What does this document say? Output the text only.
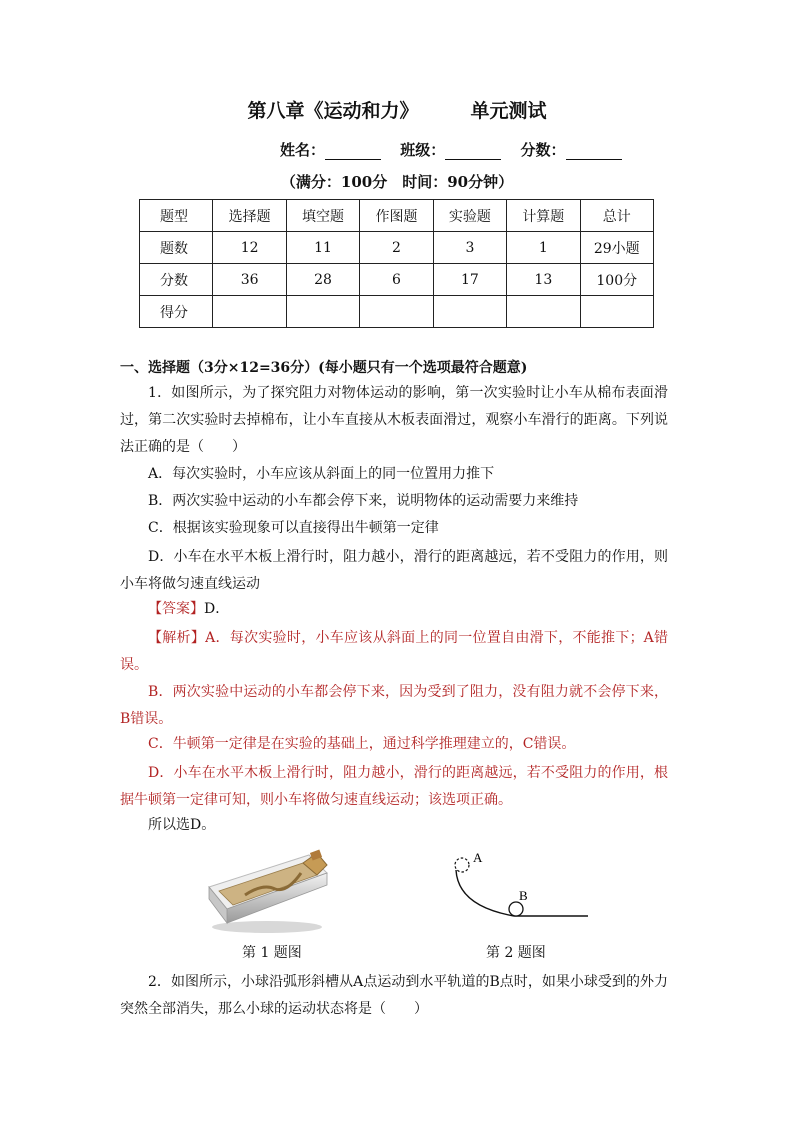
第八章《运动和力》	单元测试
姓名：	班级：	分数：
（满分：100分　时间：90分钟）
题型	选择题	填空题	作图题	实验题	计算题	总计
题数	12	11	2	3	1	29小题
分数	36	28	6	17	13	100分
得分						
一、选择题（3分×12=36分）(每小题只有一个选项最符合题意)
1．如图所示，为了探究阻力对物体运动的影响，第一次实验时让小车从棉布表面滑过，第二次实验时去掉棉布，让小车直接从木板表面滑过，观察小车滑行的距离。下列说法正确的是（　　）
A．每次实验时，小车应该从斜面上的同一位置用力推下
B．两次实验中运动的小车都会停下来，说明物体的运动需要力来维持
C．根据该实验现象可以直接得出牛顿第一定律
D．小车在水平木板上滑行时，阻力越小，滑行的距离越远，若不受阻力的作用，则小车将做匀速直线运动
【答案】D．
【解析】A．每次实验时，小车应该从斜面上的同一位置自由滑下，不能推下；A错误。
B．两次实验中运动的小车都会停下来，因为受到了阻力，没有阻力就不会停下来，B错误。
C．牛顿第一定律是在实验的基础上，通过科学推理建立的，C错误。
D．小车在水平木板上滑行时，阻力越小，滑行的距离越远，若不受阻力的作用，根据牛顿第一定律可知，则小车将做匀速直线运动；该选项正确。
所以选D。
第 1 题图
A
B
第 2 题图
2．如图所示，小球沿弧形斜槽从A点运动到水平轨道的B点时，如果小球受到的外力突然全部消失，那么小球的运动状态将是（　　）
